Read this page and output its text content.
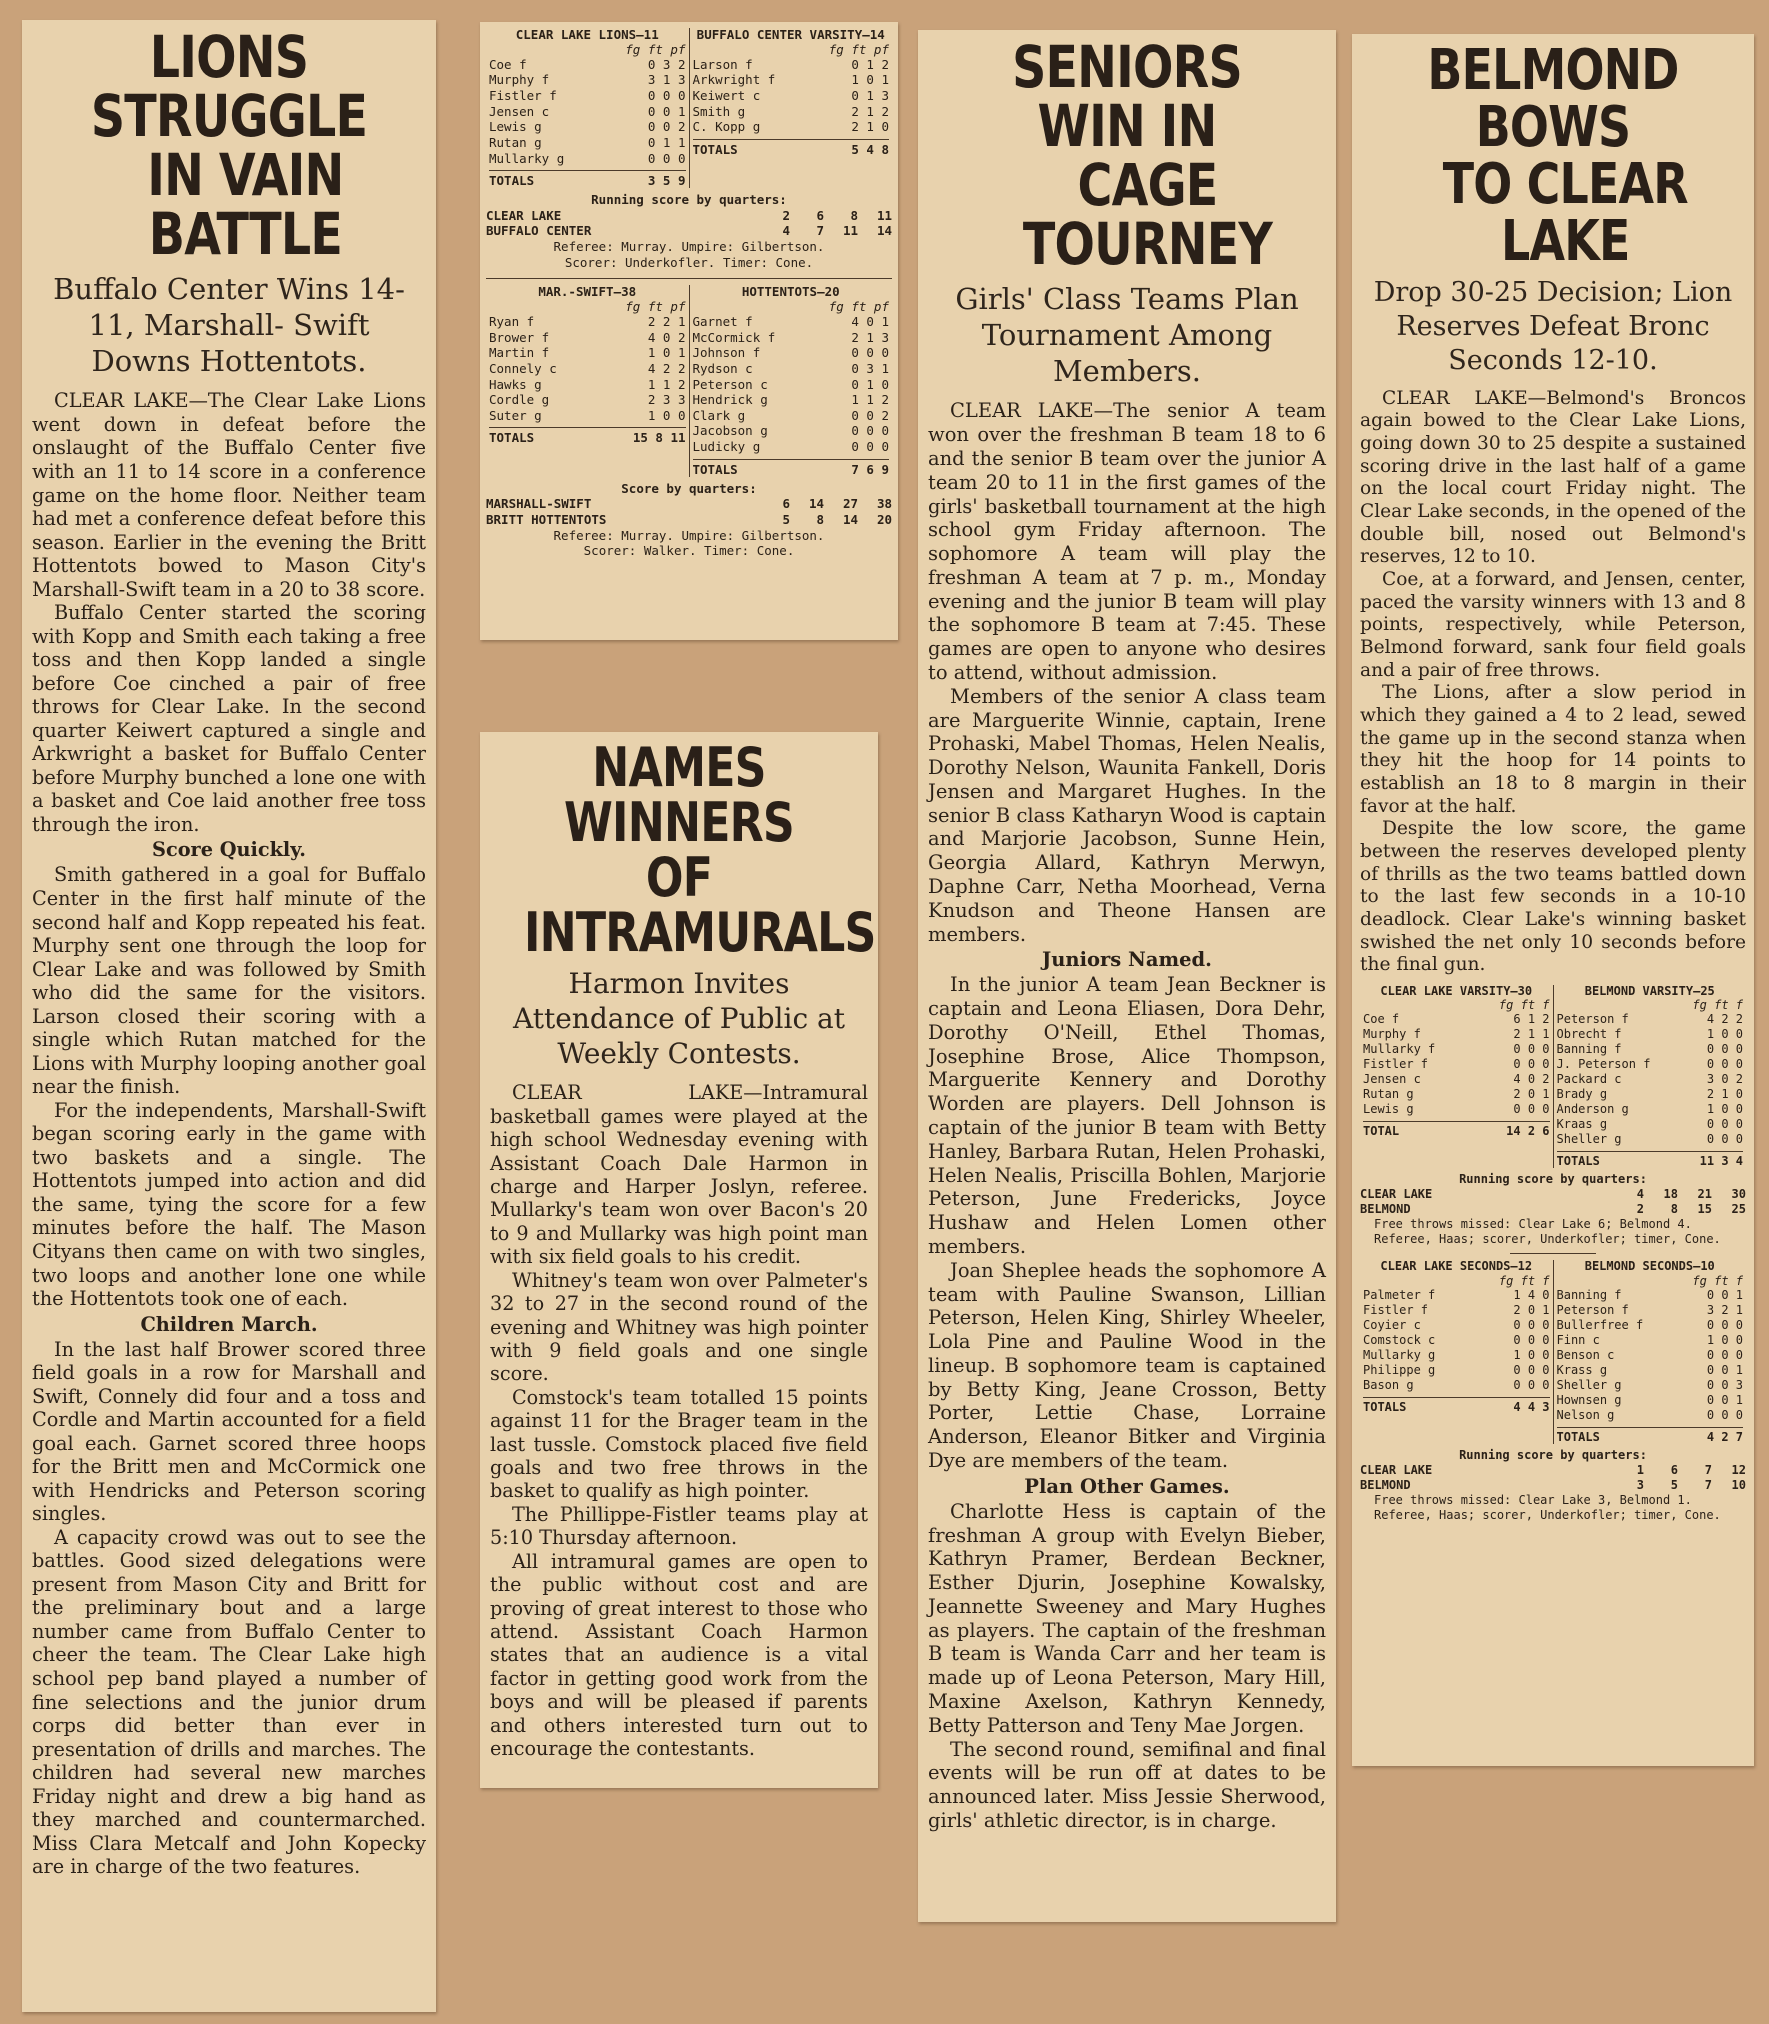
LIONS STRUGGLE
IN VAIN BATTLE
Buffalo Center Wins 14-11, Marshall- Swift Downs Hottentots.

CLEAR LAKE—The Clear Lake Lions went down in defeat before the onslaught of the Buffalo Center five with an 11 to 14 score in a conference game on the home floor. Neither team had met a conference defeat before this season. Earlier in the evening the Britt Hottentots bowed to Mason City's Marshall-Swift team in a 20 to 38 score.

Buffalo Center started the scoring with Kopp and Smith each taking a free toss and then Kopp landed a single before Coe cinched a pair of free throws for Clear Lake. In the second quarter Keiwert captured a single and Arkwright a basket for Buffalo Center before Murphy bunched a lone one with a basket and Coe laid another free toss through the iron.

Score Quickly.

Smith gathered in a goal for Buffalo Center in the first half minute of the second half and Kopp repeated his feat. Murphy sent one through the loop for Clear Lake and was followed by Smith who did the same for the visitors. Larson closed their scoring with a single which Rutan matched for the Lions with Murphy looping another goal near the finish.

For the independents, Marshall-Swift began scoring early in the game with two baskets and a single. The Hottentots jumped into action and did the same, tying the score for a few minutes before the half. The Mason Cityans then came on with two singles, two loops and another lone one while the Hottentots took one of each.

Children March.

In the last half Brower scored three field goals in a row for Marshall and Swift, Connely did four and a toss and Cordle and Martin accounted for a field goal each. Garnet scored three hoops for the Britt men and McCormick one with Hendricks and Peterson scoring singles.

A capacity crowd was out to see the battles. Good sized delegations were present from Mason City and Britt for the preliminary bout and a large number came from Buffalo Center to cheer the team. The Clear Lake high school pep band played a number of fine selections and the junior drum corps did better than ever in presentation of drills and marches. The children had several new marches Friday night and drew a big hand as they marched and countermarched. Miss Clara Metcalf and John Kopecky are in charge of the two features.

CLEAR LAKE LIONS—11
fg ft pf
Coe f	0 3 2
Murphy f	3 1 3
Fistler f	0 0 0
Jensen c	0 0 1
Lewis g	0 0 2
Rutan g	0 1 1
Mullarky g	0 0 0
TOTALS	3 5 9
BUFFALO CENTER VARSITY—14
fg ft pf
Larson f	0 1 2
Arkwright f	1 0 1
Keiwert c	0 1 3
Smith g	2 1 2
C. Kopp g	2 1 0
TOTALS	5 4 8
Running score by quarters:
CLEAR LAKE	2	6	8	11
BUFFALO CENTER	4	7	11	14
Referee: Murray. Umpire: Gilbertson.
Scorer: Underkofler. Timer: Cone.
MAR.-SWIFT—38
fg ft pf
Ryan f	2 2 1
Brower f	4 0 2
Martin f	1 0 1
Connely c	4 2 2
Hawks g	1 1 2
Cordle g	2 3 3
Suter g	1 0 0
TOTALS	15 8 11
HOTTENTOTS—20
fg ft pf
Garnet f	4 0 1
McCormick f	2 1 3
Johnson f	0 0 0
Rydson c	0 3 1
Peterson c	0 1 0
Hendrick g	1 1 2
Clark g	0 0 2
Jacobson g	0 0 0
Ludicky g	0 0 0
TOTALS	7 6 9
Score by quarters:
MARSHALL-SWIFT	6	14	27	38
BRITT HOTTENTOTS	5	8	14	20
Referee: Murray. Umpire: Gilbertson.
Scorer: Walker. Timer: Cone.
NAMES WINNERS
OF INTRAMURALS
Harmon Invites Attendance of Public at Weekly Contests.

CLEAR LAKE—Intramural basketball games were played at the high school Wednesday evening with Assistant Coach Dale Harmon in charge and Harper Joslyn, referee. Mullarky's team won over Bacon's 20 to 9 and Mullarky was high point man with six field goals to his credit.

Whitney's team won over Palmeter's 32 to 27 in the second round of the evening and Whitney was high pointer with 9 field goals and one single score.

Comstock's team totalled 15 points against 11 for the Brager team in the last tussle. Comstock placed five field goals and two free throws in the basket to qualify as high pointer.

The Phillippe-Fistler teams play at 5:10 Thursday afternoon.

All intramural games are open to the public without cost and are proving of great interest to those who attend. Assistant Coach Harmon states that an audience is a vital factor in getting good work from the boys and will be pleased if parents and others interested turn out to encourage the contestants.

SENIORS WIN IN
CAGE TOURNEY
Girls' Class Teams Plan Tournament Among Members.

CLEAR LAKE—The senior A team won over the freshman B team 18 to 6 and the senior B team over the junior A team 20 to 11 in the first games of the girls' basketball tournament at the high school gym Friday afternoon. The sophomore A team will play the freshman A team at 7 p. m., Monday evening and the junior B team will play the sophomore B team at 7:45. These games are open to anyone who desires to attend, without admission.

Members of the senior A class team are Marguerite Winnie, captain, Irene Prohaski, Mabel Thomas, Helen Nealis, Dorothy Nelson, Waunita Fankell, Doris Jensen and Margaret Hughes. In the senior B class Katharyn Wood is captain and Marjorie Jacobson, Sunne Hein, Georgia Allard, Kathryn Merwyn, Daphne Carr, Netha Moorhead, Verna Knudson and Theone Hansen are members.

Juniors Named.

In the junior A team Jean Beckner is captain and Leona Eliasen, Dora Dehr, Dorothy O'Neill, Ethel Thomas, Josephine Brose, Alice Thompson, Marguerite Kennery and Dorothy Worden are players. Dell Johnson is captain of the junior B team with Betty Hanley, Barbara Rutan, Helen Prohaski, Helen Nealis, Priscilla Bohlen, Marjorie Peterson, June Fredericks, Joyce Hushaw and Helen Lomen other members.

Joan Sheplee heads the sophomore A team with Pauline Swanson, Lillian Peterson, Helen King, Shirley Wheeler, Lola Pine and Pauline Wood in the lineup. B sophomore team is captained by Betty King, Jeane Crosson, Betty Porter, Lettie Chase, Lorraine Anderson, Eleanor Bitker and Virginia Dye are members of the team.

Plan Other Games.

Charlotte Hess is captain of the freshman A group with Evelyn Bieber, Kathryn Pramer, Berdean Beckner, Esther Djurin, Josephine Kowalsky, Jeannette Sweeney and Mary Hughes as players. The captain of the freshman B team is Wanda Carr and her team is made up of Leona Peterson, Mary Hill, Maxine Axelson, Kathryn Kennedy, Betty Patterson and Teny Mae Jorgen.

The second round, semifinal and final events will be run off at dates to be announced later. Miss Jessie Sherwood, girls' athletic director, is in charge.

BELMOND BOWS
TO CLEAR LAKE
Drop 30-25 Decision; Lion Reserves Defeat Bronc Seconds 12-10.

CLEAR LAKE—Belmond's Broncos again bowed to the Clear Lake Lions, going down 30 to 25 despite a sustained scoring drive in the last half of a game on the local court Friday night. The Clear Lake seconds, in the opened of the double bill, nosed out Belmond's reserves, 12 to 10.

Coe, at a forward, and Jensen, center, paced the varsity winners with 13 and 8 points, respectively, while Peterson, Belmond forward, sank four field goals and a pair of free throws.

The Lions, after a slow period in which they gained a 4 to 2 lead, sewed the game up in the second stanza when they hit the hoop for 14 points to establish an 18 to 8 margin in their favor at the half.

Despite the low score, the game between the reserves developed plenty of thrills as the two teams battled down to the last few seconds in a 10-10 deadlock. Clear Lake's winning basket swished the net only 10 seconds before the final gun.

CLEAR LAKE VARSITY—30
fg ft f
Coe f	6 1 2
Murphy f	2 1 1
Mullarky f	0 0 0
Fistler f	0 0 0
Jensen c	4 0 2
Rutan g	2 0 1
Lewis g	0 0 0
TOTAL	14 2 6
BELMOND VARSITY—25
fg ft f
Peterson f	4 2 2
Obrecht f	1 0 0
Banning f	0 0 0
J. Peterson f	0 0 0
Packard c	3 0 2
Brady g	2 1 0
Anderson g	1 0 0
Kraas g	0 0 0
Sheller g	0 0 0
TOTALS	11 3 4
Running score by quarters:
CLEAR LAKE	4	18	21	30
BELMOND	2	8	15	25
Free throws missed: Clear Lake 6; Belmond 4.
Referee, Haas; scorer, Underkofler; timer, Cone.
CLEAR LAKE SECONDS—12
fg ft f
Palmeter f	1 4 0
Fistler f	2 0 1
Coyier c	0 0 0
Comstock c	0 0 0
Mullarky g	1 0 0
Philippe g	0 0 0
Bason g	0 0 0
TOTALS	4 4 3
BELMOND SECONDS—10
fg ft f
Banning f	0 0 1
Peterson f	3 2 1
Bullerfree f	0 0 0
Finn c	1 0 0
Benson c	0 0 0
Krass g	0 0 1
Sheller g	0 0 3
Hownsen g	0 0 1
Nelson g	0 0 0
TOTALS	4 2 7
Running score by quarters:
CLEAR LAKE	1	6	7	12
BELMOND	3	5	7	10
Free throws missed: Clear Lake 3, Belmond 1.
Referee, Haas; scorer, Underkofler; timer, Cone.
